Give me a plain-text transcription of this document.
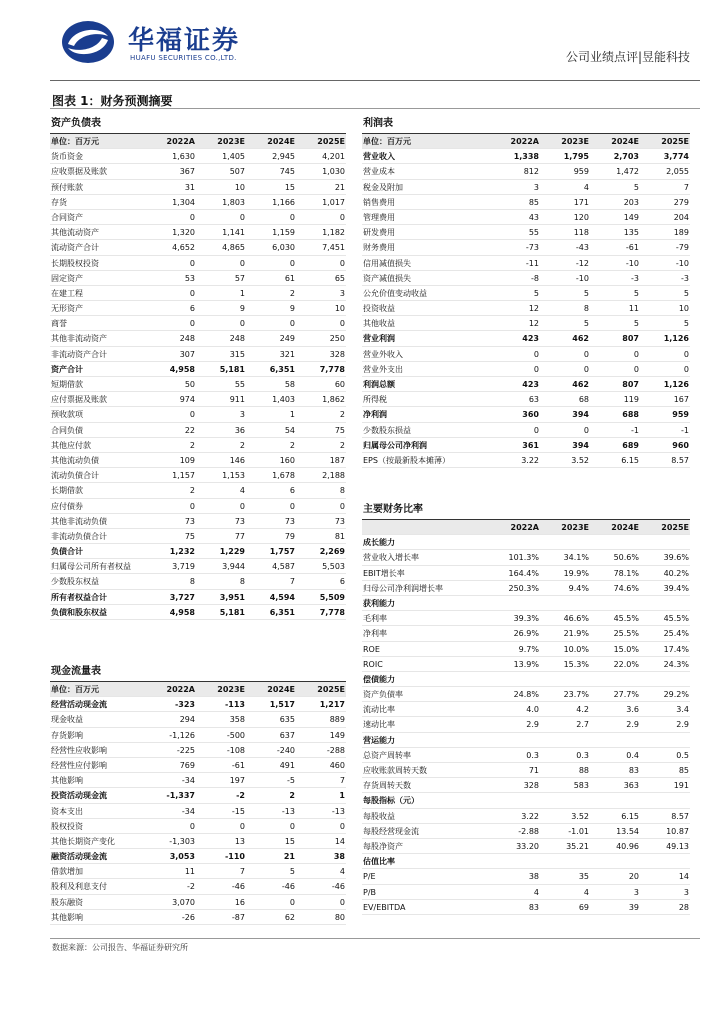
华福证券
HUAFU SECURITIES CO.,LTD.	公司业绩点评|昱能科技
图表 1：财务预测摘要
资产负债表
单位：百万元	2022A	2023E	2024E	2025E
货币资金	1,630	1,405	2,945	4,201
应收票据及账款	367	507	745	1,030
预付账款	31	10	15	21
存货	1,304	1,803	1,166	1,017
合同资产	0	0	0	0
其他流动资产	1,320	1,141	1,159	1,182
流动资产合计	4,652	4,865	6,030	7,451
长期股权投资	0	0	0	0
固定资产	53	57	61	65
在建工程	0	1	2	3
无形资产	6	9	9	10
商誉	0	0	0	0
其他非流动资产	248	248	249	250
非流动资产合计	307	315	321	328
资产合计	4,958	5,181	6,351	7,778
短期借款	50	55	58	60
应付票据及账款	974	911	1,403	1,862
预收款项	0	3	1	2
合同负债	22	36	54	75
其他应付款	2	2	2	2
其他流动负债	109	146	160	187
流动负债合计	1,157	1,153	1,678	2,188
长期借款	2	4	6	8
应付债券	0	0	0	0
其他非流动负债	73	73	73	73
非流动负债合计	75	77	79	81
负债合计	1,232	1,229	1,757	2,269
归属母公司所有者权益	3,719	3,944	4,587	5,503
少数股东权益	8	8	7	6
所有者权益合计	3,727	3,951	4,594	5,509
负债和股东权益	4,958	5,181	6,351	7,778
现金流量表
单位：百万元	2022A	2023E	2024E	2025E
经营活动现金流	-323	-113	1,517	1,217
现金收益	294	358	635	889
存货影响	-1,126	-500	637	149
经营性应收影响	-225	-108	-240	-288
经营性应付影响	769	-61	491	460
其他影响	-34	197	-5	7
投资活动现金流	-1,337	-2	2	1
资本支出	-34	-15	-13	-13
股权投资	0	0	0	0
其他长期资产变化	-1,303	13	15	14
融资活动现金流	3,053	-110	21	38
借款增加	11	7	5	4
股利及利息支付	-2	-46	-46	-46
股东融资	3,070	16	0	0
其他影响	-26	-87	62	80
利润表
单位：百万元	2022A	2023E	2024E	2025E
营业收入	1,338	1,795	2,703	3,774
营业成本	812	959	1,472	2,055
税金及附加	3	4	5	7
销售费用	85	171	203	279
管理费用	43	120	149	204
研发费用	55	118	135	189
财务费用	-73	-43	-61	-79
信用减值损失	-11	-12	-10	-10
资产减值损失	-8	-10	-3	-3
公允价值变动收益	5	5	5	5
投资收益	12	8	11	10
其他收益	12	5	5	5
营业利润	423	462	807	1,126
营业外收入	0	0	0	0
营业外支出	0	0	0	0
利润总额	423	462	807	1,126
所得税	63	68	119	167
净利润	360	394	688	959
少数股东损益	0	0	-1	-1
归属母公司净利润	361	394	689	960
EPS（按最新股本摊薄）	3.22	3.52	6.15	8.57
主要财务比率
2022A	2023E	2024E	2025E
成长能力
营业收入增长率	101.3%	34.1%	50.6%	39.6%
EBIT增长率	164.4%	19.9%	78.1%	40.2%
归母公司净利润增长率	250.3%	9.4%	74.6%	39.4%
获利能力
毛利率	39.3%	46.6%	45.5%	45.5%
净利率	26.9%	21.9%	25.5%	25.4%
ROE	9.7%	10.0%	15.0%	17.4%
ROIC	13.9%	15.3%	22.0%	24.3%
偿债能力
资产负债率	24.8%	23.7%	27.7%	29.2%
流动比率	4.0	4.2	3.6	3.4
速动比率	2.9	2.7	2.9	2.9
营运能力
总资产周转率	0.3	0.3	0.4	0.5
应收账款周转天数	71	88	83	85
存货周转天数	328	583	363	191
每股指标（元）
每股收益	3.22	3.52	6.15	8.57
每股经营现金流	-2.88	-1.01	13.54	10.87
每股净资产	33.20	35.21	40.96	49.13
估值比率
P/E	38	35	20	14
P/B	4	4	3	3
EV/EBITDA	83	69	39	28
数据来源：公司报告、华福证券研究所
